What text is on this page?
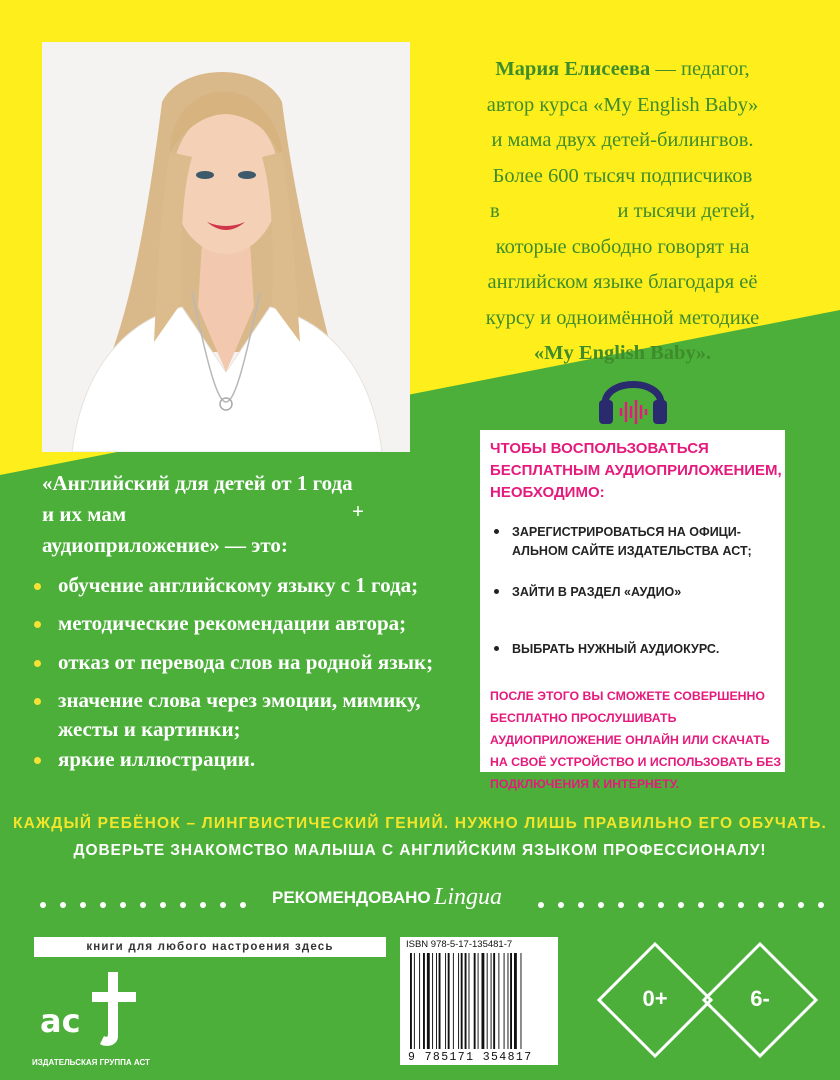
Мария Елисеева — педагог,
автор курса «My English Baby»
и мама двух детей-билингвов.
Более 600 тысяч подписчиков
в                       и тысячи детей,
которые свободно говорят на
английском языке благодаря её
курсу и одноимённой методике
«My English Baby».
ЧТОБЫ ВОСПОЛЬЗОВАТЬСЯ
БЕСПЛАТНЫМ АУДИОПРИЛОЖЕНИЕМ,
НЕОБХОДИМО:
ЗАРЕГИСТРИРОВАТЬСЯ НА ОФИЦИ-АЛЬНОМ САЙТЕ ИЗДАТЕЛЬСТВА АСТ;
ЗАЙТИ В РАЗДЕЛ «АУДИО»
ВЫБРАТЬ НУЖНЫЙ АУДИОКУРС.
ПОСЛЕ ЭТОГО ВЫ СМОЖЕТЕ СОВЕРШЕННО БЕСПЛАТНО ПРОСЛУШИВАТЬ АУДИОПРИЛОЖЕНИЕ ОНЛАЙН ИЛИ СКАЧАТЬ НА СВОЁ УСТРОЙСТВО И ИСПОЛЬЗОВАТЬ БЕЗ ПОДКЛЮЧЕНИЯ К ИНТЕРНЕТУ.
«Английский для детей от 1 года
и их мам
аудиоприложение» — это:
+
обучение английскому языку с 1 года;
методические рекомендации автора;
отказ от перевода слов на родной язык;
значение слова через эмоции, мимику, жесты и картинки;
яркие иллюстрации.
КАЖДЫЙ РЕБЁНОК – ЛИНГВИСТИЧЕСКИЙ ГЕНИЙ. НУЖНО ЛИШЬ ПРАВИЛЬНО ЕГО ОБУЧАТЬ.
ДОВЕРЬТЕ ЗНАКОМСТВО МАЛЫША С АНГЛИЙСКИМ ЯЗЫКОМ ПРОФЕССИОНАЛУ!
РЕКОМЕНДОВАНО Lingua
книги для любого настроения здесь
ас
ИЗДАТЕЛЬСКАЯ ГРУППА АСТ
ISBN 978-5-17-135481-7
9 785171 354817
0+	6-
